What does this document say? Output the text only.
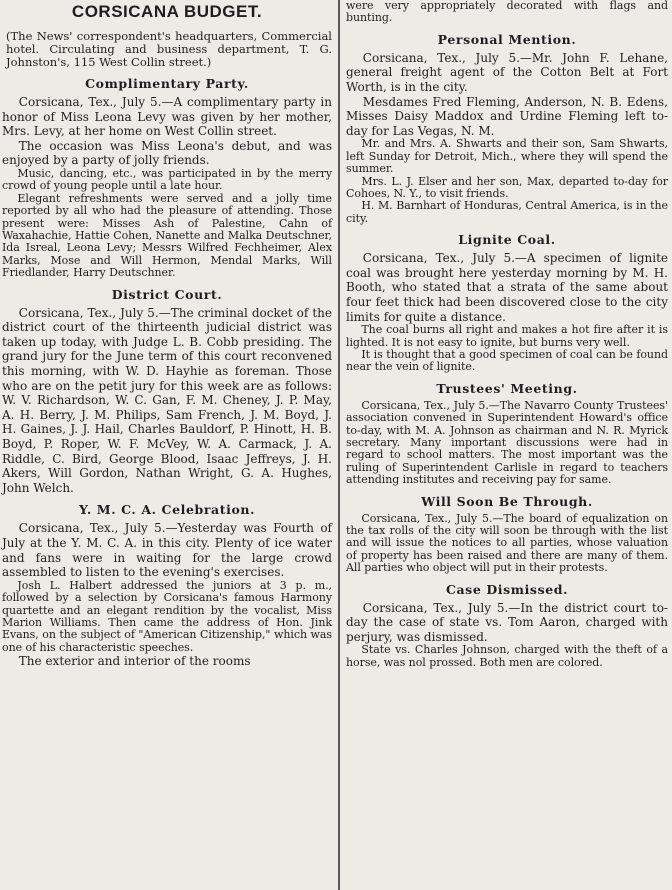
CORSICANA BUDGET.

(The News' correspondent's headquarters, Commercial hotel. Circulating and business department, T. G. Johnston's, 115 West Collin street.)

Complimentary Party.

Corsicana, Tex., July 5.—A complimentary party in honor of Miss Leona Levy was given by her mother, Mrs. Levy, at her home on West Collin street.

The occasion was Miss Leona's debut, and was enjoyed by a party of jolly friends.

Music, dancing, etc., was participated in by the merry crowd of young people until a late hour.

Elegant refreshments were served and a jolly time reported by all who had the pleasure of attending. Those present were: Misses Ash of Palestine, Cahn of Waxahachie, Hattie Cohen, Nanette and Malka Deutschner, Ida Isreal, Leona Levy; Messrs Wilfred Fechheimer, Alex Marks, Mose and Will Hermon, Mendal Marks, Will Friedlander, Harry Deutschner.

District Court.

Corsicana, Tex., July 5.—The criminal docket of the district court of the thirteenth judicial district was taken up today, with Judge L. B. Cobb presiding. The grand jury for the June term of this court reconvened this morning, with W. D. Hayhie as foreman. Those who are on the petit jury for this week are as follows: W. V. Richardson, W. C. Gan, F. M. Cheney, J. P. May, A. H. Berry, J. M. Philips, Sam French, J. M. Boyd, J. H. Gaines, J. J. Hail, Charles Bauldorf, P. Hinott, H. B. Boyd, P. Roper, W. F. McVey, W. A. Carmack, J. A. Riddle, C. Bird, George Blood, Isaac Jeffreys, J. H. Akers, Will Gordon, Nathan Wright, G. A. Hughes, John Welch.

Y. M. C. A. Celebration.

Corsicana, Tex., July 5.—Yesterday was Fourth of July at the Y. M. C. A. in this city. Plenty of ice water and fans were in waiting for the large crowd assembled to listen to the evening's exercises.

Josh L. Halbert addressed the juniors at 3 p. m., followed by a selection by Corsicana's famous Harmony quartette and an elegant rendition by the vocalist, Miss Marion Williams. Then came the address of Hon. Jink Evans, on the subject of "American Citizenship," which was one of his characteristic speeches.

The exterior and interior of the rooms

were very appropriately decorated with flags and bunting.

Personal Mention.

Corsicana, Tex., July 5.—Mr. John F. Lehane, general freight agent of the Cotton Belt at Fort Worth, is in the city.

Mesdames Fred Fleming, Anderson, N. B. Edens, Misses Daisy Maddox and Urdine Fleming left to-day for Las Vegas, N. M.

Mr. and Mrs. A. Shwarts and their son, Sam Shwarts, left Sunday for Detroit, Mich., where they will spend the summer.

Mrs. L. J. Elser and her son, Max, departed to-day for Cohoes, N. Y., to visit friends.

H. M. Barnhart of Honduras, Central America, is in the city.

Lignite Coal.

Corsicana, Tex., July 5.—A specimen of lignite coal was brought here yesterday morning by M. H. Booth, who stated that a strata of the same about four feet thick had been discovered close to the city limits for quite a distance.

The coal burns all right and makes a hot fire after it is lighted. It is not easy to ignite, but burns very well.

It is thought that a good specimen of coal can be found near the vein of lignite.

Trustees' Meeting.

Corsicana, Tex., July 5.—The Navarro County Trustees' association convened in Superintendent Howard's office to-day, with M. A. Johnson as chairman and N. R. Myrick secretary. Many important discussions were had in regard to school matters. The most important was the ruling of Superintendent Carlisle in regard to teachers attending institutes and receiving pay for same.

Will Soon Be Through.

Corsicana, Tex., July 5.—The board of equalization on the tax rolls of the city will soon be through with the list and will issue the notices to all parties, whose valuation of property has been raised and there are many of them. All parties who object will put in their protests.

Case Dismissed.

Corsicana, Tex., July 5.—In the district court to-day the case of state vs. Tom Aaron, charged with perjury, was dismissed.

State vs. Charles Johnson, charged with the theft of a horse, was nol prossed. Both men are colored.
